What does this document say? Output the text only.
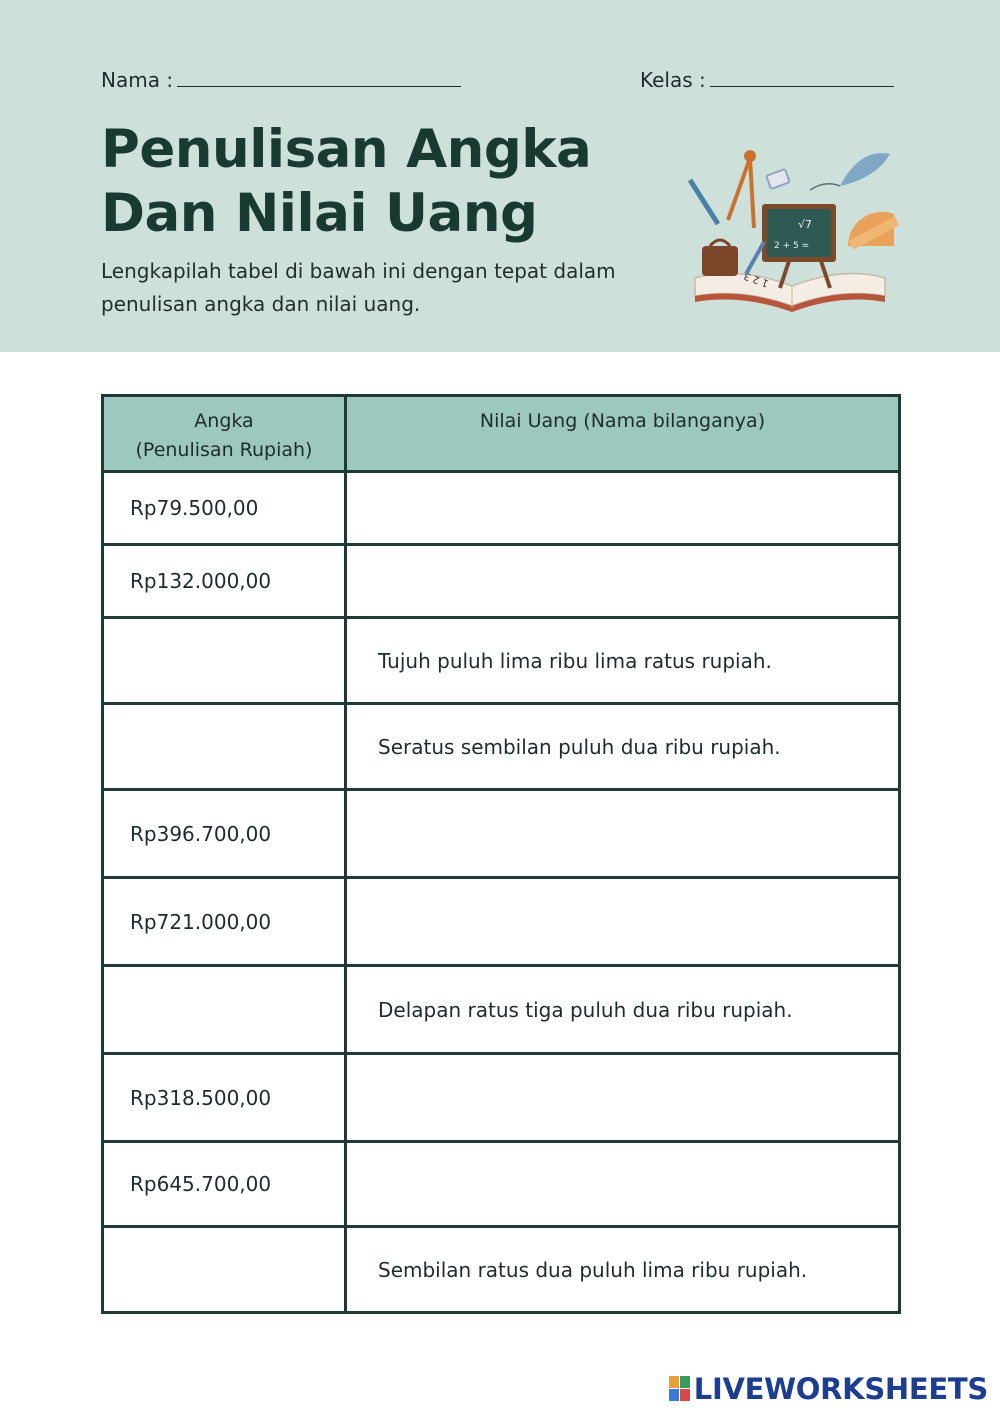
Nama :	Kelas :
Penulisan Angka
Dan Nilai Uang

Lengkapilah tabel di bawah ini dengan tepat dalam penulisan angka dan nilai uang.

1 2 3
√7
2 + 5 =
Angka
(Penulisan Rupiah)	Nilai Uang (Nama bilanganya)
Rp79.500,00	
Rp132.000,00	
	Tujuh puluh lima ribu lima ratus rupiah.
	Seratus sembilan puluh dua ribu rupiah.
Rp396.700,00	
Rp721.000,00	
	Delapan ratus tiga puluh dua ribu rupiah.
Rp318.500,00	
Rp645.700,00	
	Sembilan ratus dua puluh lima ribu rupiah.
LIVEWORKSHEETS
